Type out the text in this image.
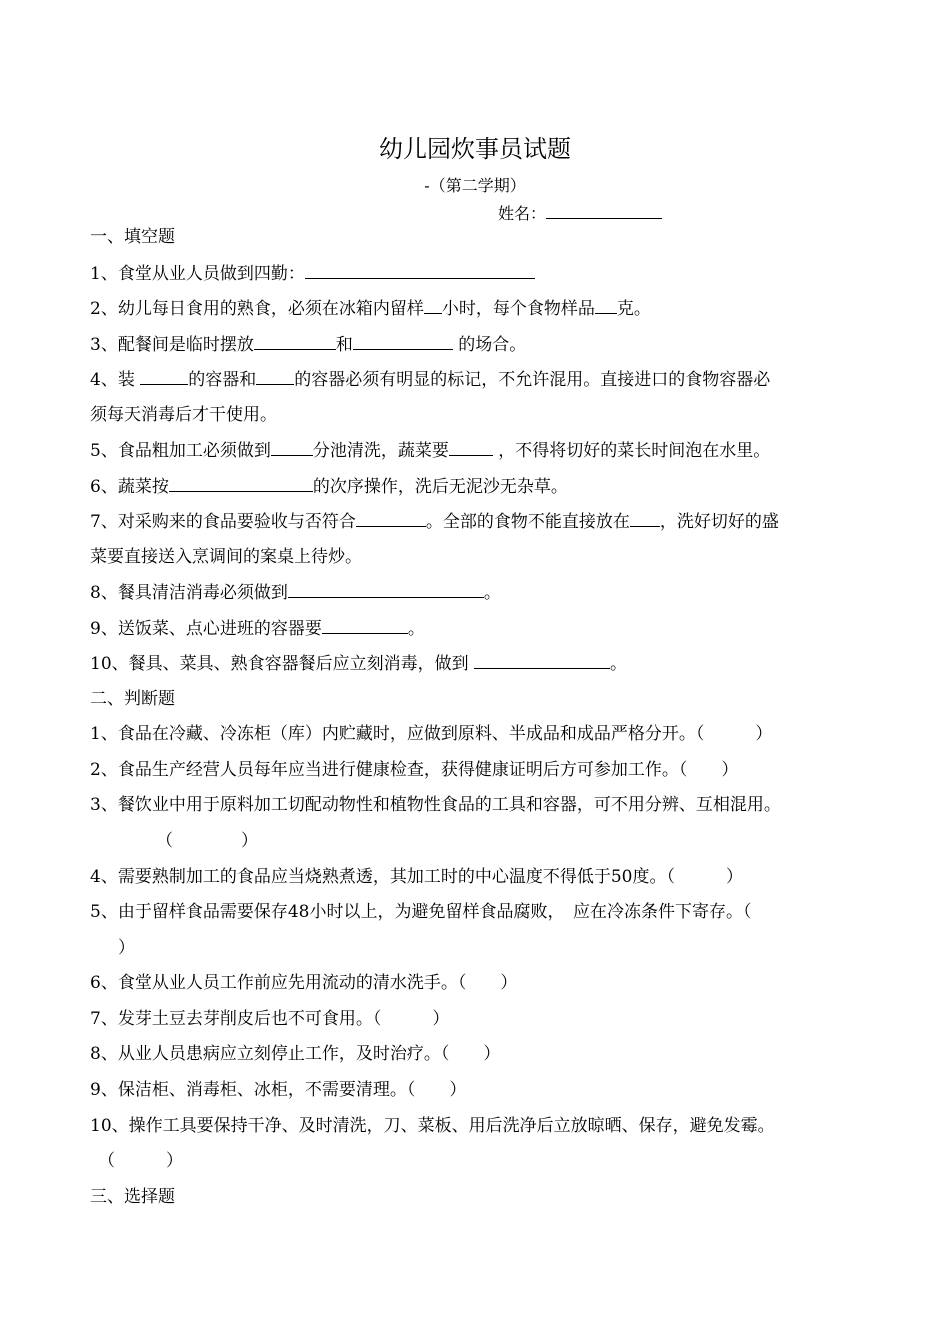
幼儿园炊事员试题
-（第二学期）
姓名：
一、填空题
1、食堂从业人员做到四勤：
2、幼儿每日食用的熟食，必须在冰箱内留样 小时，每个食物样品 克。
3、配餐间是临时摆放	和	的场合。
4、装	的容器和 的容器必须有明显的标记，不允许混用。直接进口的食物容器必
须每天消毒后才干使用。
5、食品粗加工必须做到 分池清洗，蔬菜要	，不得将切好的菜长时间泡在水里。
6、蔬菜按	的次序操作，洗后无泥沙无杂草。
7、对采购来的食品要验收与否符合	。全部的食物不能直接放在 ，洗好切好的盛
菜要直接送入烹调间的案桌上待炒。
8、餐具清洁消毒必须做到	。
9、送饭菜、点心进班的容器要	。
10、餐具、菜具、熟食容器餐后应立刻消毒，做到	。
二、判断题
1、食品在冷藏、冷冻柜（库）内贮藏时，应做到原料、半成品和成品严格分开。（　　　）
2、食品生产经营人员每年应当进行健康检查，获得健康证明后方可参加工作。（　　）
3、餐饮业中用于原料加工切配动物性和植物性食品的工具和容器，可不用分辨、互相混用。
（　　　　）
4、需要熟制加工的食品应当烧熟煮透，其加工时的中心温度不得低于50度。（　　　）
5、由于留样食品需要保存48小时以上，为避免留样食品腐败，　应在冷冻条件下寄存。（
）
6、食堂从业人员工作前应先用流动的清水洗手。（　　）
7、发芽土豆去芽削皮后也不可食用。（　　　）
8、从业人员患病应立刻停止工作，及时治疗。（　　）
9、保洁柜、消毒柜、冰柜，不需要清理。（　　）
10、操作工具要保持干净、及时清洗，刀、菜板、用后洗净后立放晾晒、保存，避免发霉。
（　　　）
三、选择题
